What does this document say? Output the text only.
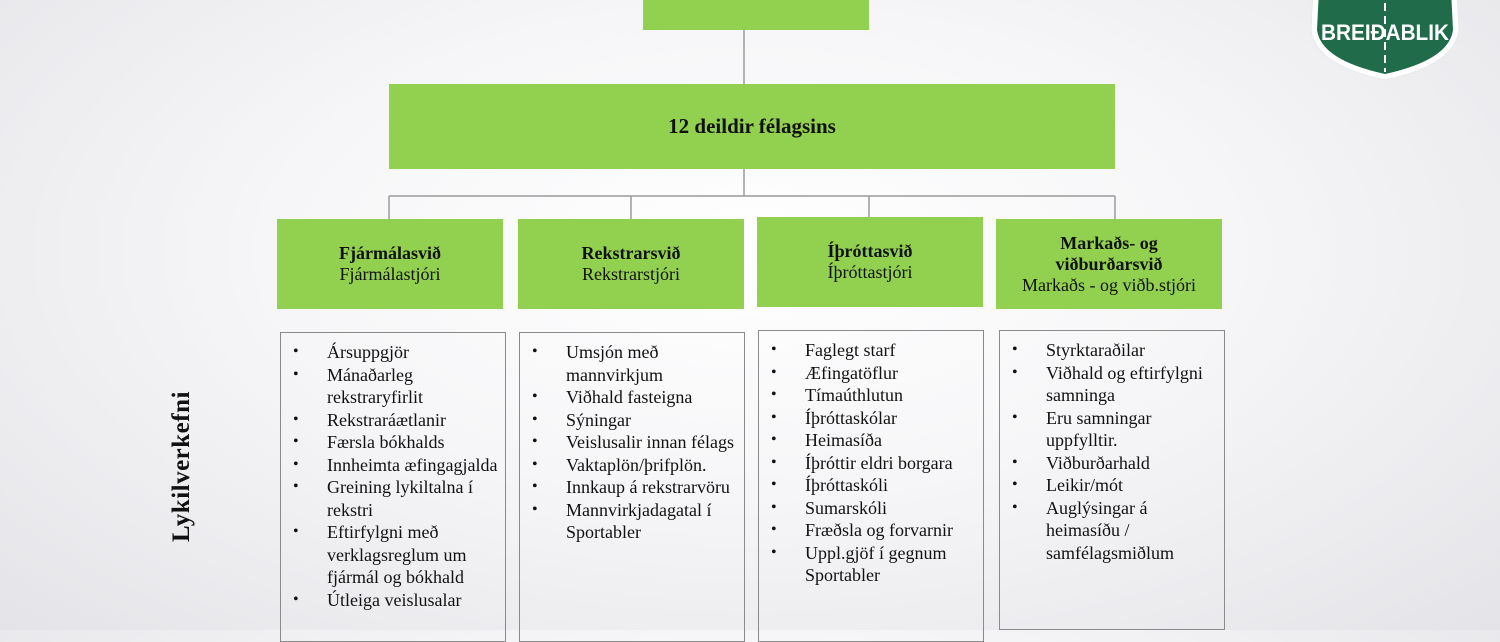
12 deildir félagsins
Fjármálasvið
Fjármálastjóri
Rekstrarsvið
Rekstrarstjóri
Íþróttasvið
Íþróttastjóri
Markaðs- og viðburðarsvið
Markaðs - og viðb.stjóri
• Ársuppgjör
• Mánaðarleg rekstraryfirlit
• Rekstraráætlanir
• Færsla bókhalds
• Innheimta æfingagjalda
• Greining lykiltalna í rekstri
• Eftirfylgni með verklagsreglum um fjármál og bókhald
• Útleiga veislusalar
• Umsjón með mannvirkjum
• Viðhald fasteigna
• Sýningar
• Veislusalir innan félags
• Vaktaplön/þrifplön.
• Innkaup á rekstrarvöru
• Mannvirkjadagatal í Sportabler
• Faglegt starf
• Æfingatöflur
• Tímaúthlutun
• Íþróttaskólar
• Heimasíða
• Íþróttir eldri borgara
• Íþróttaskóli
• Sumarskóli
• Fræðsla og forvarnir
• Uppl.gjöf í gegnum Sportabler
• Styrktaraðilar
• Viðhald og eftirfylgni samninga
• Eru samningar uppfylltir.
• Viðburðarhald
• Leikir/mót
• Auglýsingar á heimasíðu / samfélagsmiðlum
Lykilverkefni
BREIÐABLIK
